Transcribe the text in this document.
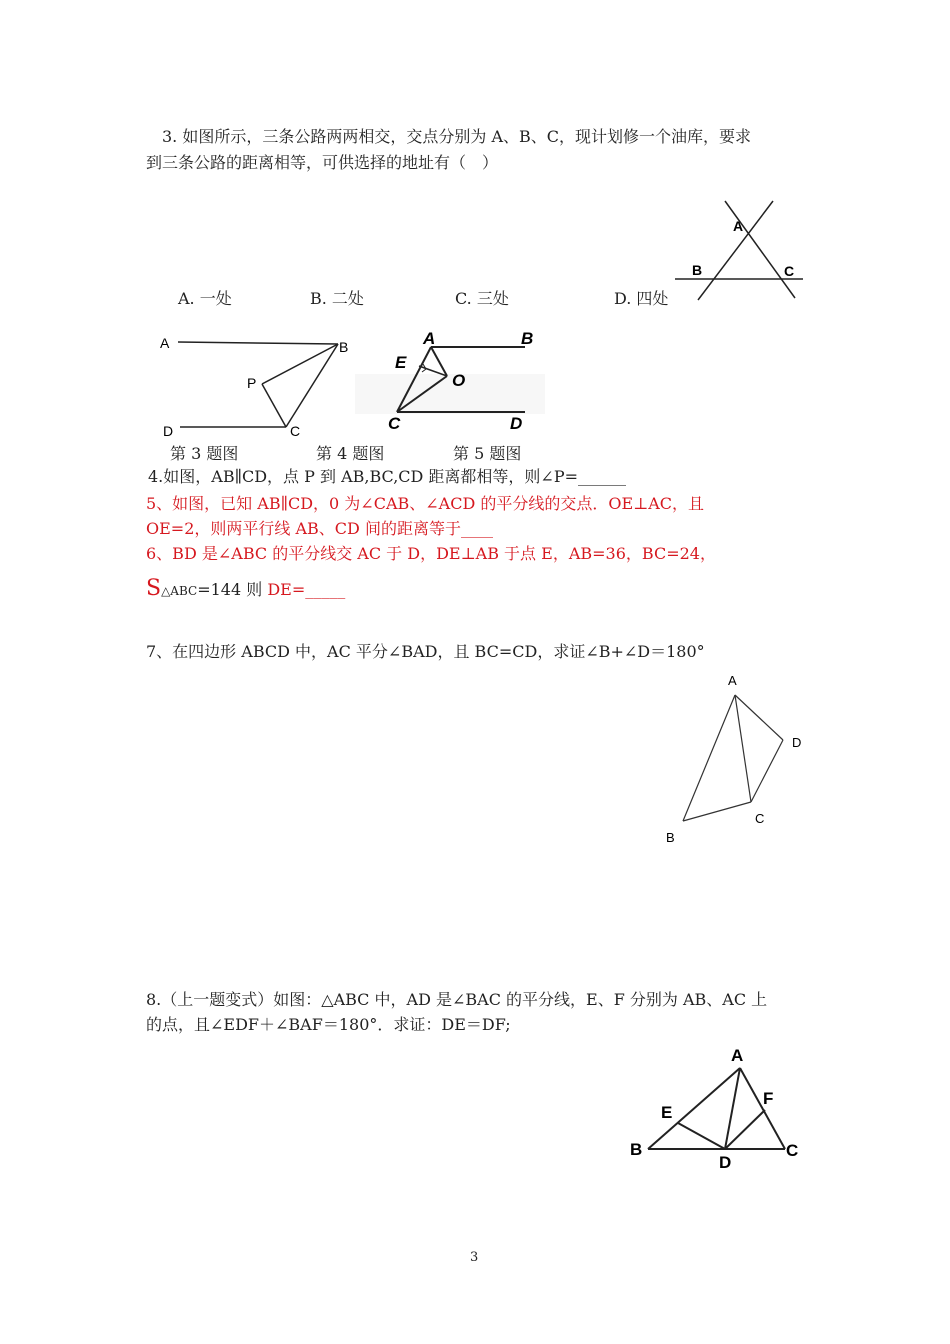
3. 如图所示，三条公路两两相交，交点分别为 A、B、C，现计划修一个油库，要求
到三条公路的距离相等，可供选择的地址有（　）
A
B	C
A. 一处	B. 二处	C. 三处	D. 四处
A	B
P
D	C
A	B
E
O
C	D
第 3 题图	第 4 题图	第 5 题图
4.如图，AB∥CD，点 P 到 AB,BC,CD 距离都相等，则∠P=______
5、如图，已知 AB∥CD，0 为∠CAB、∠ACD 的平分线的交点．OE⊥AC，且
OE=2，则两平行线 AB、CD 间的距离等于____
6、BD 是∠ABC 的平分线交 AC 于 D，DE⊥AB 于点 E，AB=36，BC=24，
S△ABC=144 则 DE=_____
7、在四边形 ABCD 中，AC 平分∠BAD，且 BC=CD，求证∠B+∠D＝180°
A
D
C
B
8.（上一题变式）如图：△ABC 中，AD 是∠BAC 的平分线，E、F 分别为 AB、AC 上
的点，且∠EDF＋∠BAF＝180°．求证：DE＝DF;
A
E
F
B
D
C
3
